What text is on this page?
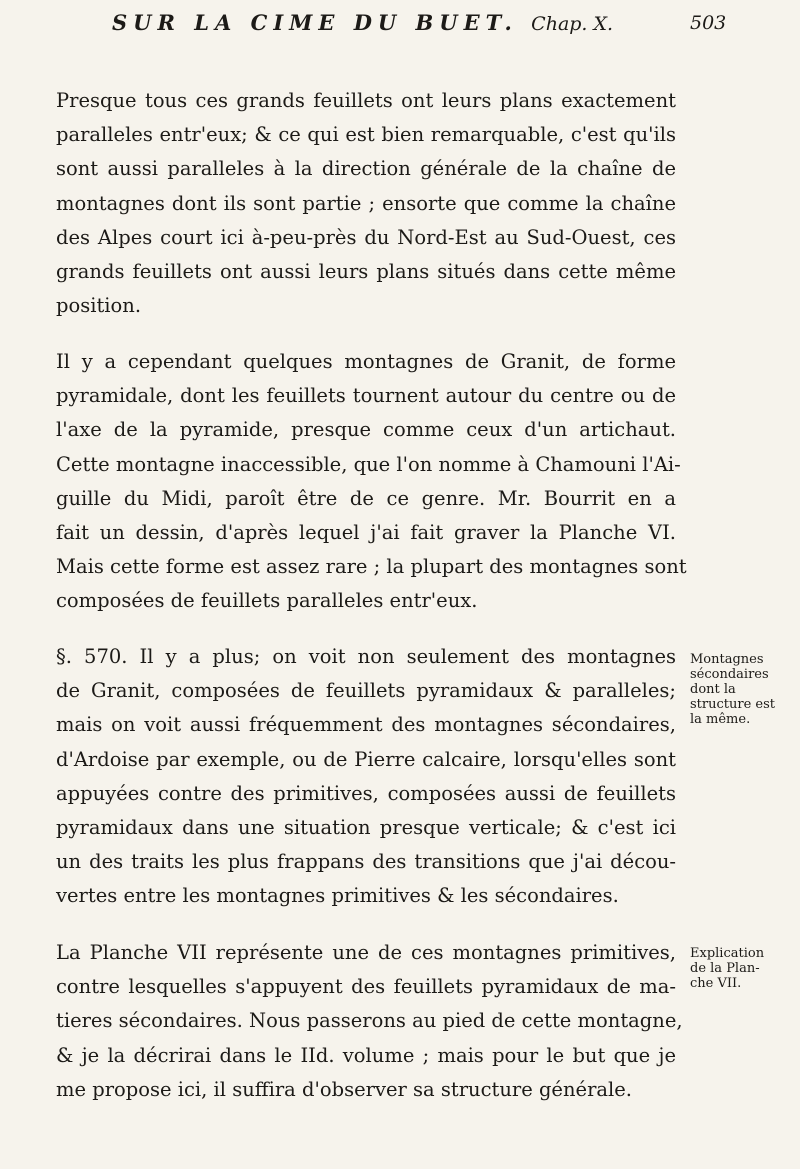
SUR LA CIME DU BUET. Chap. X.	503

Presque tous ces grands feuillets ont leurs plans exactement
paralleles entr'eux; & ce qui est bien remarquable, c'est qu'ils
sont aussi paralleles à la direction générale de la chaîne de
montagnes dont ils sont partie ; ensorte que comme la chaîne
des Alpes court ici à-peu-près du Nord-Est au Sud-Ouest, ces
grands feuillets ont aussi leurs plans situés dans cette même
position.

Il y a cependant quelques montagnes de Granit, de forme
pyramidale, dont les feuillets tournent autour du centre ou de
l'axe de la pyramide, presque comme ceux d'un artichaut.
Cette montagne inaccessible, que l'on nomme à Chamouni l'Ai-
guille du Midi, paroît être de ce genre. Mr. Bourrit en a
fait un dessin, d'après lequel j'ai fait graver la Planche VI.
Mais cette forme est assez rare ; la plupart des montagnes sont
composées de feuillets paralleles entr'eux.

§. 570. Il y a plus; on voit non seulement des montagnes
de Granit, composées de feuillets pyramidaux & paralleles;
mais on voit aussi fréquemment des montagnes sécondaires,
d'Ardoise par exemple, ou de Pierre calcaire, lorsqu'elles sont
appuyées contre des primitives, composées aussi de feuillets
pyramidaux dans une situation presque verticale; & c'est ici
un des traits les plus frappans des transitions que j'ai décou-
vertes entre les montagnes primitives & les sécondaires.

La Planche VII représente une de ces montagnes primitives,
contre lesquelles s'appuyent des feuillets pyramidaux de ma-
tieres sécondaires. Nous passerons au pied de cette montagne,
& je la décrirai dans le IId. volume ; mais pour le but que je
me propose ici, il suffira d'observer sa structure générale.

Montagnes
sécondaires
dont la
structure est
la même.

Explication
de la Plan-
che VII.
